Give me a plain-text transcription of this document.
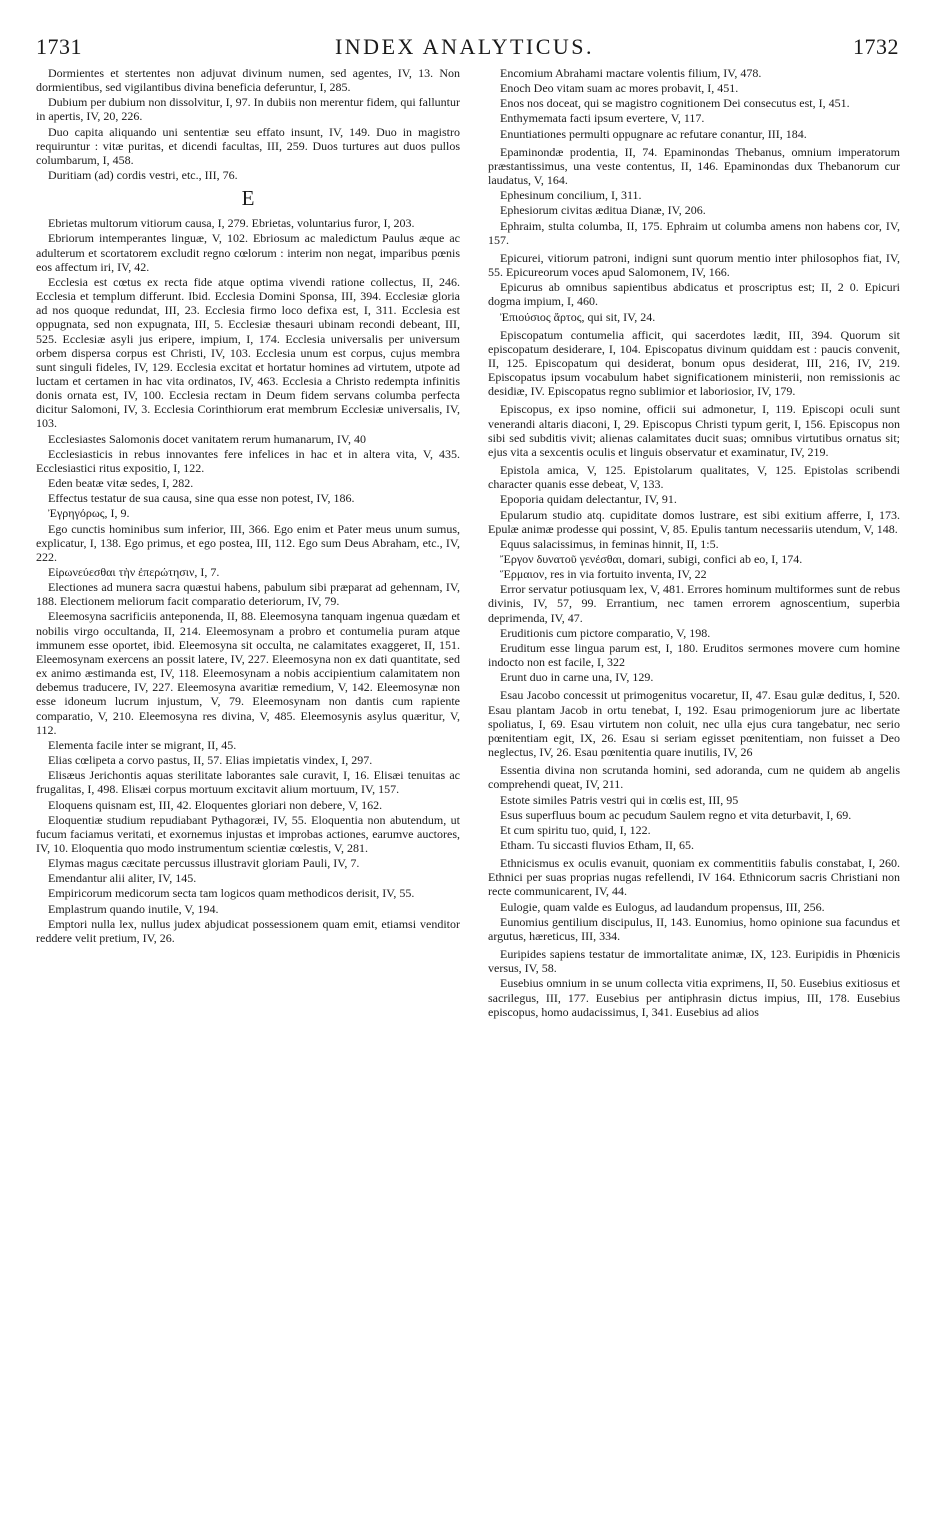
1731	INDEX ANALYTICUS.	1732

Dormientes et stertentes non adjuvat divinum numen, sed agentes, IV, 13. Non dormientibus, sed vigilantibus divina beneficia deferuntur, I, 285.

Dubium per dubium non dissolvitur, I, 97. In dubiis non merentur fidem, qui falluntur in apertis, IV, 20, 226.

Duo capita aliquando uni sententiæ seu effato insunt, IV, 149. Duo in magistro requiruntur : vitæ puritas, et dicendi facultas, III, 259. Duos turtures aut duos pullos columbarum, I, 458.

Duritiam (ad) cordis vestri, etc., III, 76.

E

Ebrietas multorum vitiorum causa, I, 279. Ebrietas, voluntarius furor, I, 203.

Ebriorum intemperantes linguæ, V, 102. Ebriosum ac maledictum Paulus æque ac adulterum et scortatorem excludit regno cœlorum : interim non negat, imparibus pœnis eos affectum iri, IV, 42.

Ecclesia est cœtus ex recta fide atque optima vivendi ratione collectus, II, 246. Ecclesia et templum differunt. Ibid. Ecclesia Domini Sponsa, III, 394. Ecclesiæ gloria ad nos quoque redundat, III, 23. Ecclesia firmo loco defixa est, I, 311. Ecclesia est oppugnata, sed non expugnata, III, 5. Ecclesiæ thesauri ubinam recondi debeant, III, 525. Ecclesiæ asyli jus eripere, impium, I, 174. Ecclesia universalis per universum orbem dispersa corpus est Christi, IV, 103. Ecclesia unum est corpus, cujus membra sunt singuli fideles, IV, 129. Ecclesia excitat et hortatur homines ad virtutem, utpote ad luctam et certamen in hac vita ordinatos, IV, 463. Ecclesia a Christo redempta infinitis donis ornata est, IV, 100. Ecclesia rectam in Deum fidem servans columba perfecta dicitur Salomoni, IV, 3. Ecclesia Corinthiorum erat membrum Ecclesiæ universalis, IV, 103.

Ecclesiastes Salomonis docet vanitatem rerum humanarum, IV, 40

Ecclesiasticis in rebus innovantes fere infelices in hac et in altera vita, V, 435. Ecclesiastici ritus expositio, I, 122.

Eden beatæ vitæ sedes, I, 282.

Effectus testatur de sua causa, sine qua esse non potest, IV, 186.

Ἐγρηγόρως, I, 9.

Ego cunctis hominibus sum inferior, III, 366. Ego enim et Pater meus unum sumus, explicatur, I, 138. Ego primus, et ego postea, III, 112. Ego sum Deus Abraham, etc., IV, 222.

Εἰρωνεύεσθαι τὴν ἐπερώτησιν, I, 7.

Electiones ad munera sacra quæstui habens, pabulum sibi præparat ad gehennam, IV, 188. Electionem meliorum facit comparatio deteriorum, IV, 79.

Eleemosyna sacrificiis anteponenda, II, 88. Eleemosyna tanquam ingenua quædam et nobilis virgo occultanda, II, 214. Eleemosynam a probro et contumelia puram atque immunem esse oportet, ibid. Eleemosyna sit occulta, ne calamitates exaggeret, II, 151. Eleemosynam exercens an possit latere, IV, 227. Eleemosyna non ex dati quantitate, sed ex animo æstimanda est, IV, 118. Eleemosynam a nobis accipientium calamitatem non debemus traducere, IV, 227. Eleemosyna avaritiæ remedium, V, 142. Eleemosynæ non esse idoneum lucrum injustum, V, 79. Eleemosynam non dantis cum rapiente comparatio, V, 210. Eleemosyna res divina, V, 485. Eleemosynis asylus quæritur, V, 112.

Elementa facile inter se migrant, II, 45.

Elias cœlipeta a corvo pastus, II, 57. Elias impietatis vindex, I, 297.

Elisæus Jerichontis aquas sterilitate laborantes sale curavit, I, 16. Elisæi tenuitas ac frugalitas, I, 498. Elisæi corpus mortuum excitavit alium mortuum, IV, 157.

Eloquens quisnam est, III, 42. Eloquentes gloriari non debere, V, 162.

Eloquentiæ studium repudiabant Pythagoræi, IV, 55. Eloquentia non abutendum, ut fucum faciamus veritati, et exornemus injustas et improbas actiones, earumve auctores, IV, 10. Eloquentia quo modo instrumentum scientiæ cœlestis, V, 281.

Elymas magus cæcitate percussus illustravit gloriam Pauli, IV, 7.

Emendantur alii aliter, IV, 145.

Empiricorum medicorum secta tam logicos quam methodicos derisit, IV, 55.

Emplastrum quando inutile, V, 194.

Emptori nulla lex, nullus judex abjudicat possessionem quam emit, etiamsi venditor reddere velit pretium, IV, 26.

Encomium Abrahami mactare volentis filium, IV, 478.

Enoch Deo vitam suam ac mores probavit, I, 451.

Enos nos doceat, qui se magistro cognitionem Dei consecutus est, I, 451.

Enthymemata facti ipsum evertere, V, 117.

Enuntiationes permulti oppugnare ac refutare conantur, III, 184.

Epaminondæ prodentia, II, 74. Epaminondas Thebanus, omnium imperatorum præstantissimus, una veste contentus, II, 146. Epaminondas dux Thebanorum cur laudatus, V, 164.

Ephesinum concilium, I, 311.

Ephesiorum civitas æditua Dianæ, IV, 206.

Ephraim, stulta columba, II, 175. Ephraim ut columba amens non habens cor, IV, 157.

Epicurei, vitiorum patroni, indigni sunt quorum mentio inter philosophos fiat, IV, 55. Epicureorum voces apud Salomonem, IV, 166.

Epicurus ab omnibus sapientibus abdicatus et proscriptus est; II, 2 0. Epicuri dogma impium, I, 460.

Ἐπιούσιος ἄρτος, qui sit, IV, 24.

Episcopatum contumelia afficit, qui sacerdotes lædit, III, 394. Quorum sit episcopatum desiderare, I, 104. Episcopatus divinum quiddam est : paucis convenit, II, 125. Episcopatum qui desiderat, bonum opus desiderat, III, 216, IV, 219. Episcopatus ipsum vocabulum habet significationem ministerii, non remissionis ac desidiæ, IV. Episcopatus regno sublimior et laboriosior, IV, 179.

Episcopus, ex ipso nomine, officii sui admonetur, I, 119. Episcopi oculi sunt venerandi altaris diaconi, I, 29. Episcopus Christi typum gerit, I, 156. Episcopus non sibi sed subditis vivit; alienas calamitates ducit suas; omnibus virtutibus ornatus sit; ejus vita a sexcentis oculis et linguis observatur et examinatur, IV, 219.

Epistola amica, V, 125. Epistolarum qualitates, V, 125. Epistolas scribendi character quanis esse debeat, V, 133.

Epoporia quidam delectantur, IV, 91.

Epularum studio atq. cupiditate domos lustrare, est sibi exitium afferre, I, 173. Epulæ animæ prodesse qui possint, V, 85. Epulis tantum necessariis utendum, V, 148.

Equus salacissimus, in feminas hinnit, II, 1:5.

Ἔργον δυνατοῦ γενέσθαι, domari, subigi, confici ab eo, I, 174.

Ἕρμαιον, res in via fortuito inventa, IV, 22

Error servatur potiusquam lex, V, 481. Errores hominum multiformes sunt de rebus divinis, IV, 57, 99. Errantium, nec tamen errorem agnoscentium, superbia deprimenda, IV, 47.

Eruditionis cum pictore comparatio, V, 198.

Eruditum esse lingua parum est, I, 180. Eruditos sermones movere cum homine indocto non est facile, I, 322

Erunt duo in carne una, IV, 129.

Esau Jacobo concessit ut primogenitus vocaretur, II, 47. Esau gulæ deditus, I, 520. Esau plantam Jacob in ortu tenebat, I, 192. Esau primogeniorum jure ac libertate spoliatus, I, 69. Esau virtutem non coluit, nec ulla ejus cura tangebatur, nec serio pœnitentiam egit, IX, 26. Esau si seriam egisset pœnitentiam, non fuisset a Deo neglectus, IV, 26. Esau pœnitentia quare inutilis, IV, 26

Essentia divina non scrutanda homini, sed adoranda, cum ne quidem ab angelis comprehendi queat, IV, 211.

Estote similes Patris vestri qui in cœlis est, III, 95

Esus superfluus boum ac pecudum Saulem regno et vita deturbavit, I, 69.

Et cum spiritu tuo, quid, I, 122.

Etham. Tu siccasti fluvios Etham, II, 65.

Ethnicismus ex oculis evanuit, quoniam ex commentitiis fabulis constabat, I, 260. Ethnici per suas proprias nugas refellendi, IV 164. Ethnicorum sacris Christiani non recte communicarent, IV, 44.

Eulogie, quam valde es Eulogus, ad laudandum propensus, III, 256.

Eunomius gentilium discipulus, II, 143. Eunomius, homo opinione sua facundus et argutus, hæreticus, III, 334.

Euripides sapiens testatur de immortalitate animæ, IX, 123. Euripidis in Phœnicis versus, IV, 58.

Eusebius omnium in se unum collecta vitia exprimens, II, 50. Eusebius exitiosus et sacrilegus, III, 177. Eusebius per antiphrasin dictus impius, III, 178. Eusebius episcopus, homo audacissimus, I, 341. Eusebius ad alios
